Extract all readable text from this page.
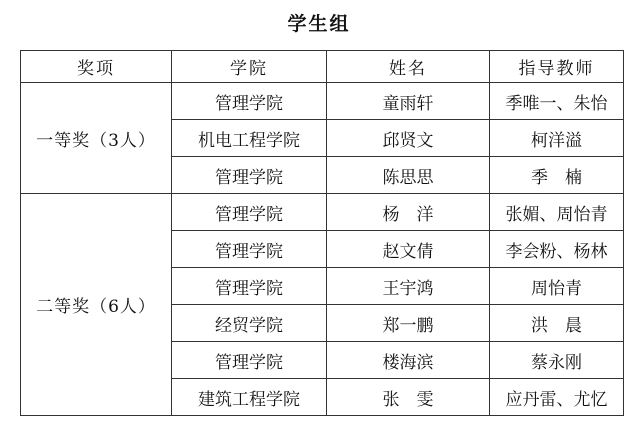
学生组
奖项	学院	姓名	指导教师
一等奖（3人）	管理学院	童雨轩	季唯一、朱怡
	机电工程学院	邱贤文	柯洋溢
	管理学院	陈思思	季　楠
二等奖（6人）	管理学院	杨　洋	张媚、周怡青
	管理学院	赵文倩	李会粉、杨林
	管理学院	王宇鸿	周怡青
	经贸学院	郑一鹏	洪　晨
	管理学院	楼海滨	蔡永刚
	建筑工程学院	张　雯	应丹雷、尤忆
